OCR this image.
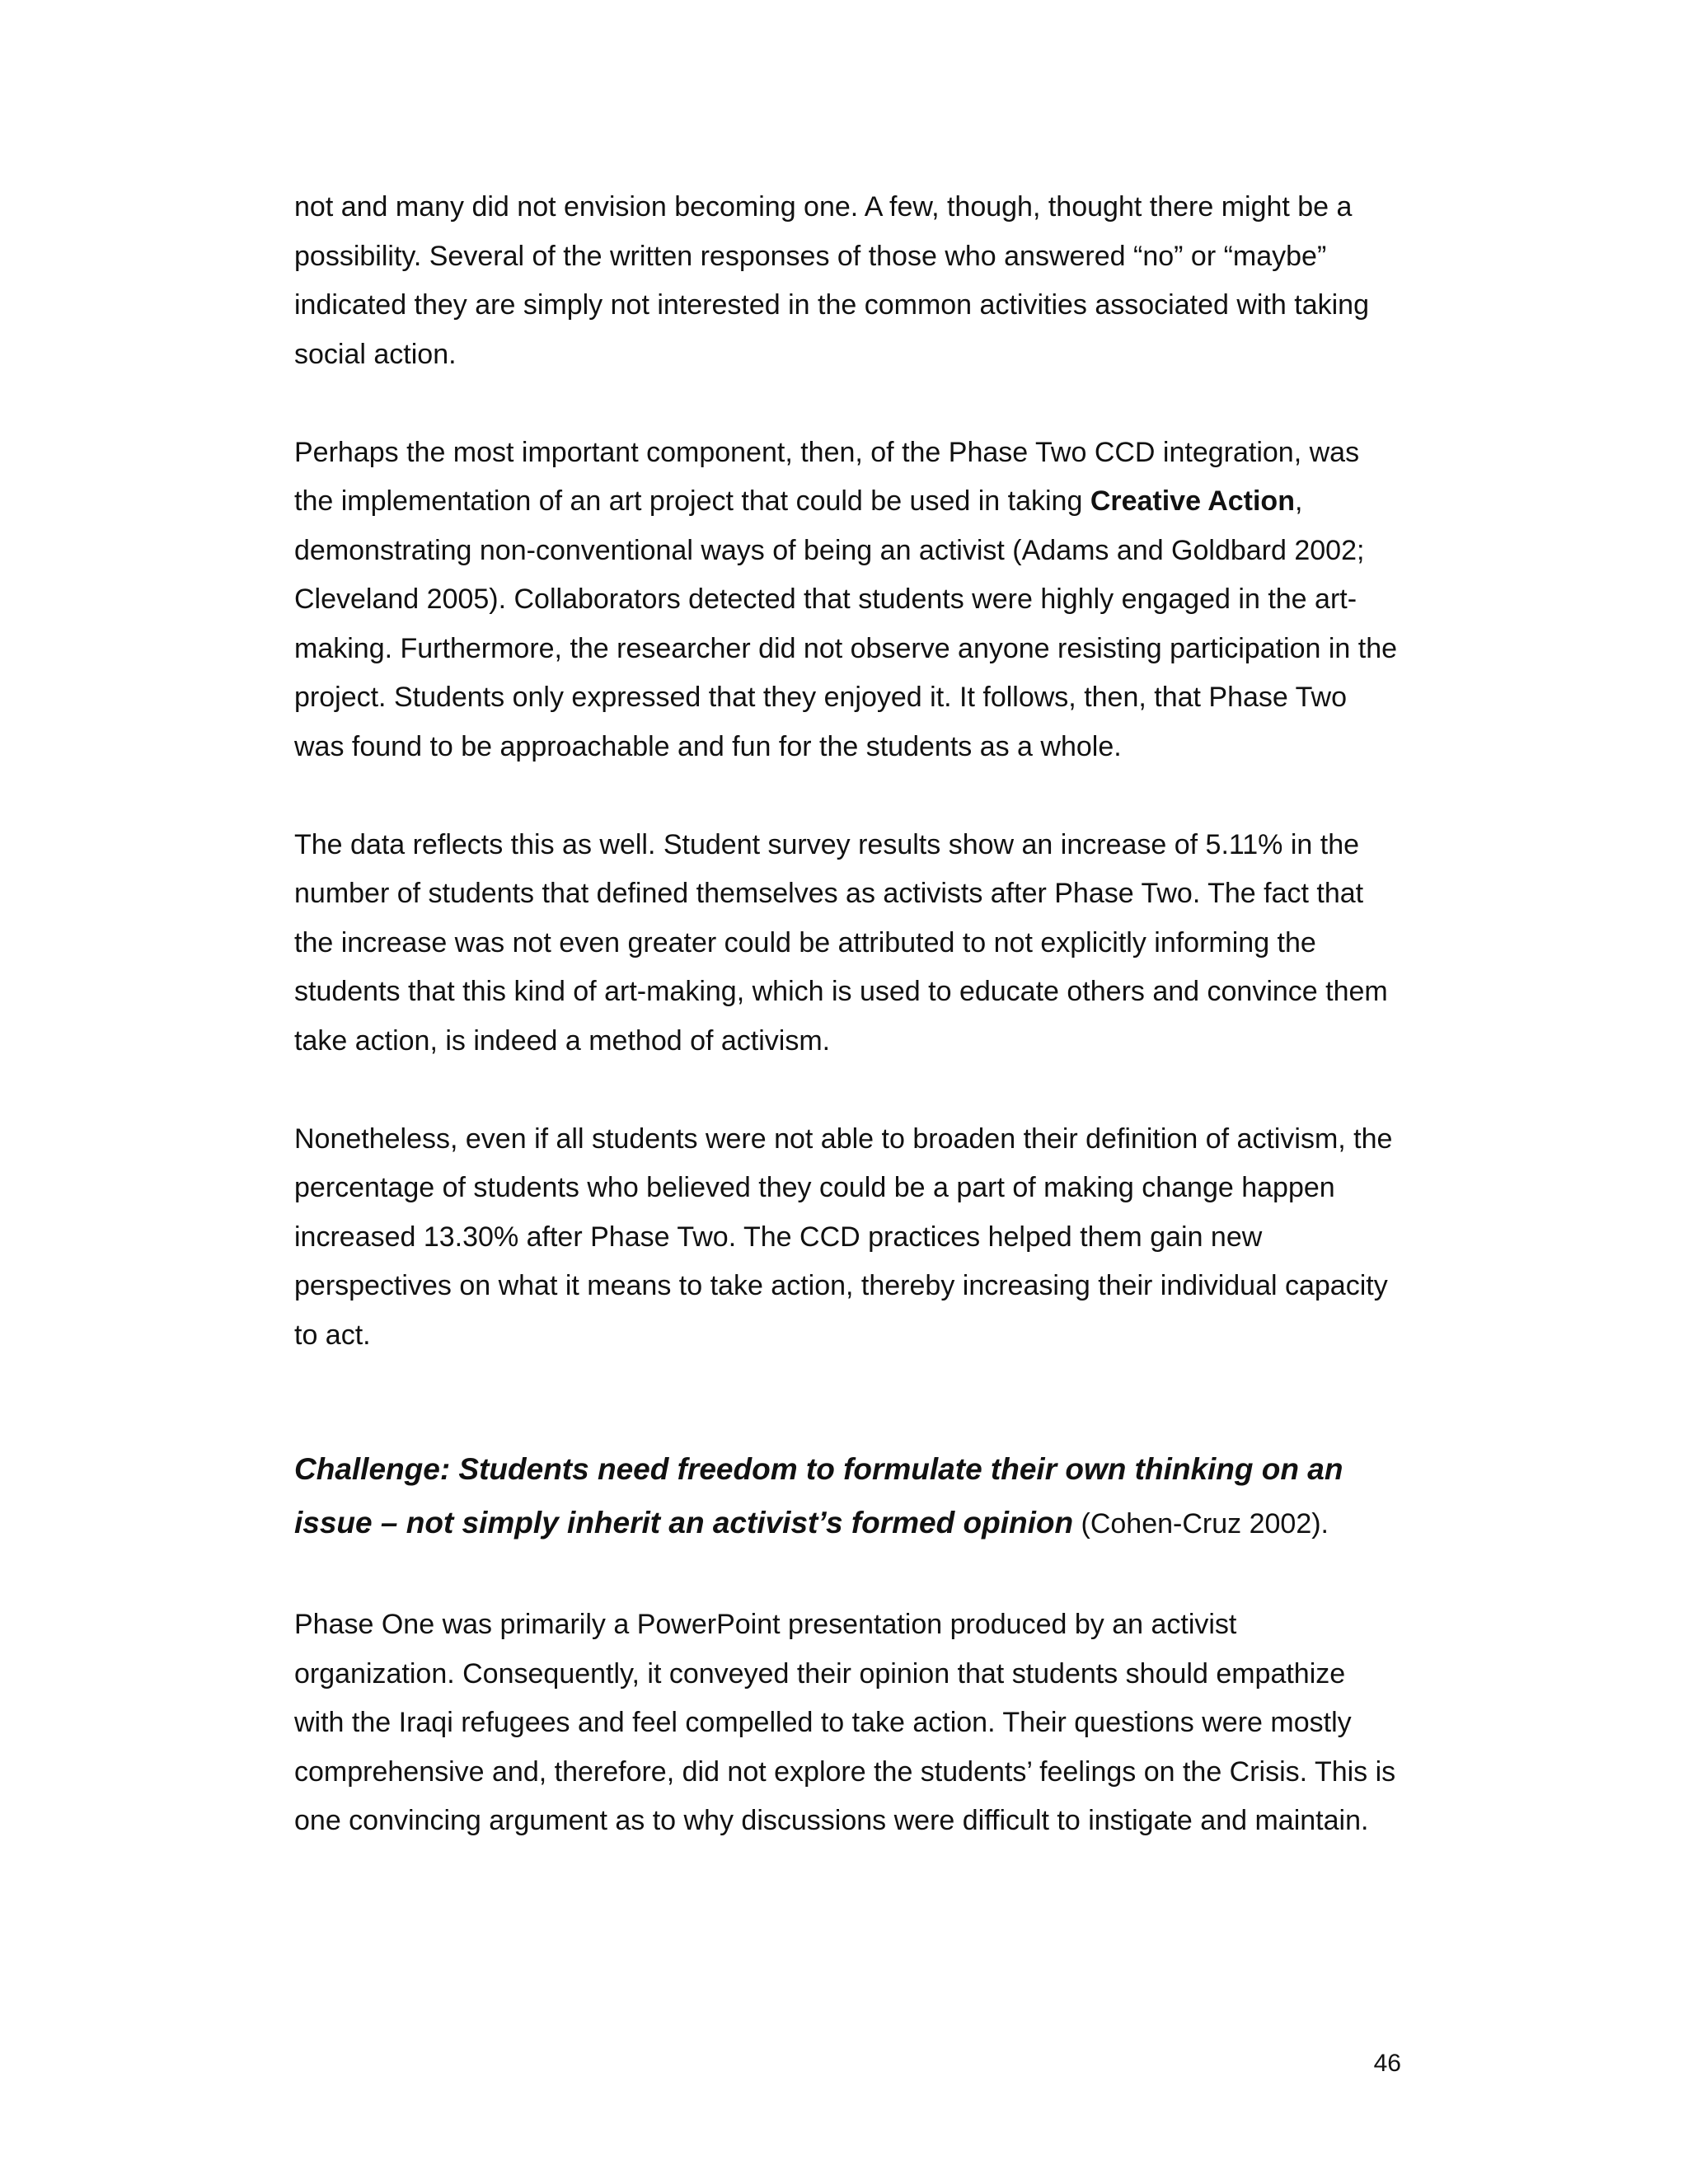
not and many did not envision becoming one. A few, though, thought there might be a possibility. Several of the written responses of those who answered “no” or “maybe” indicated they are simply not interested in the common activities associated with taking social action.

Perhaps the most important component, then, of the Phase Two CCD integration, was the implementation of an art project that could be used in taking Creative Action, demonstrating non-conventional ways of being an activist (Adams and Goldbard 2002; Cleveland 2005). Collaborators detected that students were highly engaged in the art-making. Furthermore, the researcher did not observe anyone resisting participation in the project. Students only expressed that they enjoyed it. It follows, then, that Phase Two was found to be approachable and fun for the students as a whole.

The data reflects this as well. Student survey results show an increase of 5.11% in the number of students that defined themselves as activists after Phase Two. The fact that the increase was not even greater could be attributed to not explicitly informing the students that this kind of art-making, which is used to educate others and convince them take action, is indeed a method of activism.

Nonetheless, even if all students were not able to broaden their definition of activism, the percentage of students who believed they could be a part of making change happen increased 13.30% after Phase Two. The CCD practices helped them gain new perspectives on what it means to take action, thereby increasing their individual capacity to act.

Challenge: Students need freedom to formulate their own thinking on an issue – not simply inherit an activist’s formed opinion (Cohen-Cruz 2002).

Phase One was primarily a PowerPoint presentation produced by an activist organization. Consequently, it conveyed their opinion that students should empathize with the Iraqi refugees and feel compelled to take action. Their questions were mostly comprehensive and, therefore, did not explore the students’ feelings on the Crisis. This is one convincing argument as to why discussions were difficult to instigate and maintain.

46
